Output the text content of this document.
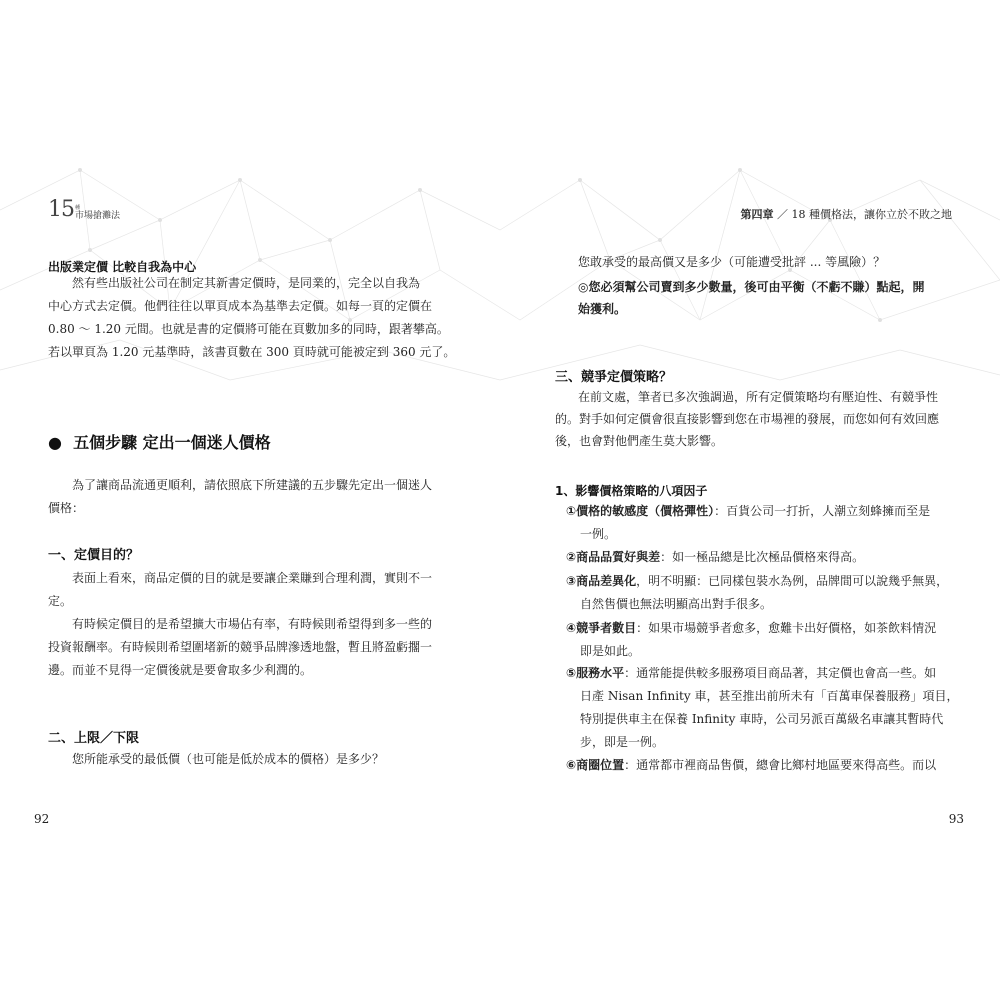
15 種
市場搶灘法
出版業定價 比較自我為中心
然有些出版社公司在制定其新書定價時，是同業的，完全以自我為
中心方式去定價。他們往往以單頁成本為基準去定價。如每一頁的定價在
0.80 ～ 1.20 元間。也就是書的定價將可能在頁數加多的同時，跟著攀高。
若以單頁為 1.20 元基準時，該書頁數在 300 頁時就可能被定到 360 元了。
● 五個步驟 定出一個迷人價格
為了讓商品流通更順利，請依照底下所建議的五步驟先定出一個迷人
價格：
一、定價目的？
表面上看來，商品定價的目的就是要讓企業賺到合理利潤，實則不一
定。
有時候定價目的是希望擴大市場佔有率，有時候則希望得到多一些的
投資報酬率。有時候則希望圍堵新的競爭品牌滲透地盤，暫且將盈虧擱一
邊。而並不見得一定價後就是要會取多少利潤的。
二、上限／下限
您所能承受的最低價（也可能是低於成本的價格）是多少？
92
第四章 ／ 18 種價格法，讓你立於不敗之地
您敢承受的最高價又是多少（可能遭受批評 ... 等風險）？
◎您必須幫公司賣到多少數量，後可由平衡（不虧不賺）點起，開
始獲利。
三、競爭定價策略？
在前文處，筆者已多次強調過，所有定價策略均有壓迫性、有競爭性
的。對手如何定價會很直接影響到您在市場裡的發展，而您如何有效回應
後，也會對他們產生莫大影響。
1、影響價格策略的八項因子
①價格的敏感度（價格彈性）：百貨公司一打折，人潮立刻蜂擁而至是
一例。
②商品品質好與差：如一極品總是比次極品價格來得高。
③商品差異化，明不明顯：已同樣包裝水為例，品牌間可以說幾乎無異，
自然售價也無法明顯高出對手很多。
④競爭者數目：如果市場競爭者愈多，愈難卡出好價格，如茶飲料情況
即是如此。
⑤服務水平：通常能提供較多服務項目商品著，其定價也會高一些。如
日產 Nisan Infinity 車，甚至推出前所未有「百萬車保養服務」項目，
特別提供車主在保養 Infinity 車時，公司另派百萬級名車讓其暫時代
步，即是一例。
⑥商圈位置：通常都市裡商品售價，總會比鄉村地區要來得高些。而以
93
